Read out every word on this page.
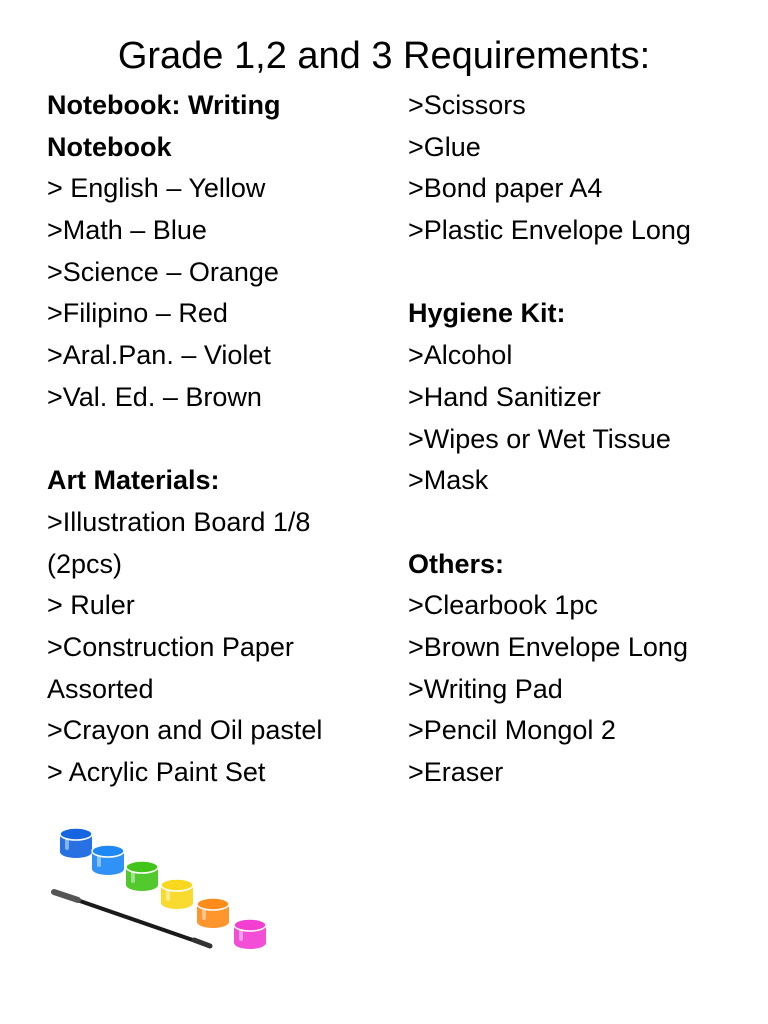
Grade 1,2 and 3 Requirements:
Notebook: Writing
Notebook
> English – Yellow
>Math – Blue
>Science – Orange
>Filipino – Red
>Aral.Pan. – Violet
>Val. Ed. – Brown
Art Materials:
>Illustration Board 1/8
(2pcs)
> Ruler
>Construction Paper
Assorted
>Crayon and Oil pastel
> Acrylic Paint Set
>Scissors
>Glue
>Bond paper A4
>Plastic Envelope Long
Hygiene Kit:
>Alcohol
>Hand Sanitizer
>Wipes or Wet Tissue
>Mask
Others:
>Clearbook 1pc
>Brown Envelope Long
>Writing Pad
>Pencil Mongol 2
>Eraser
